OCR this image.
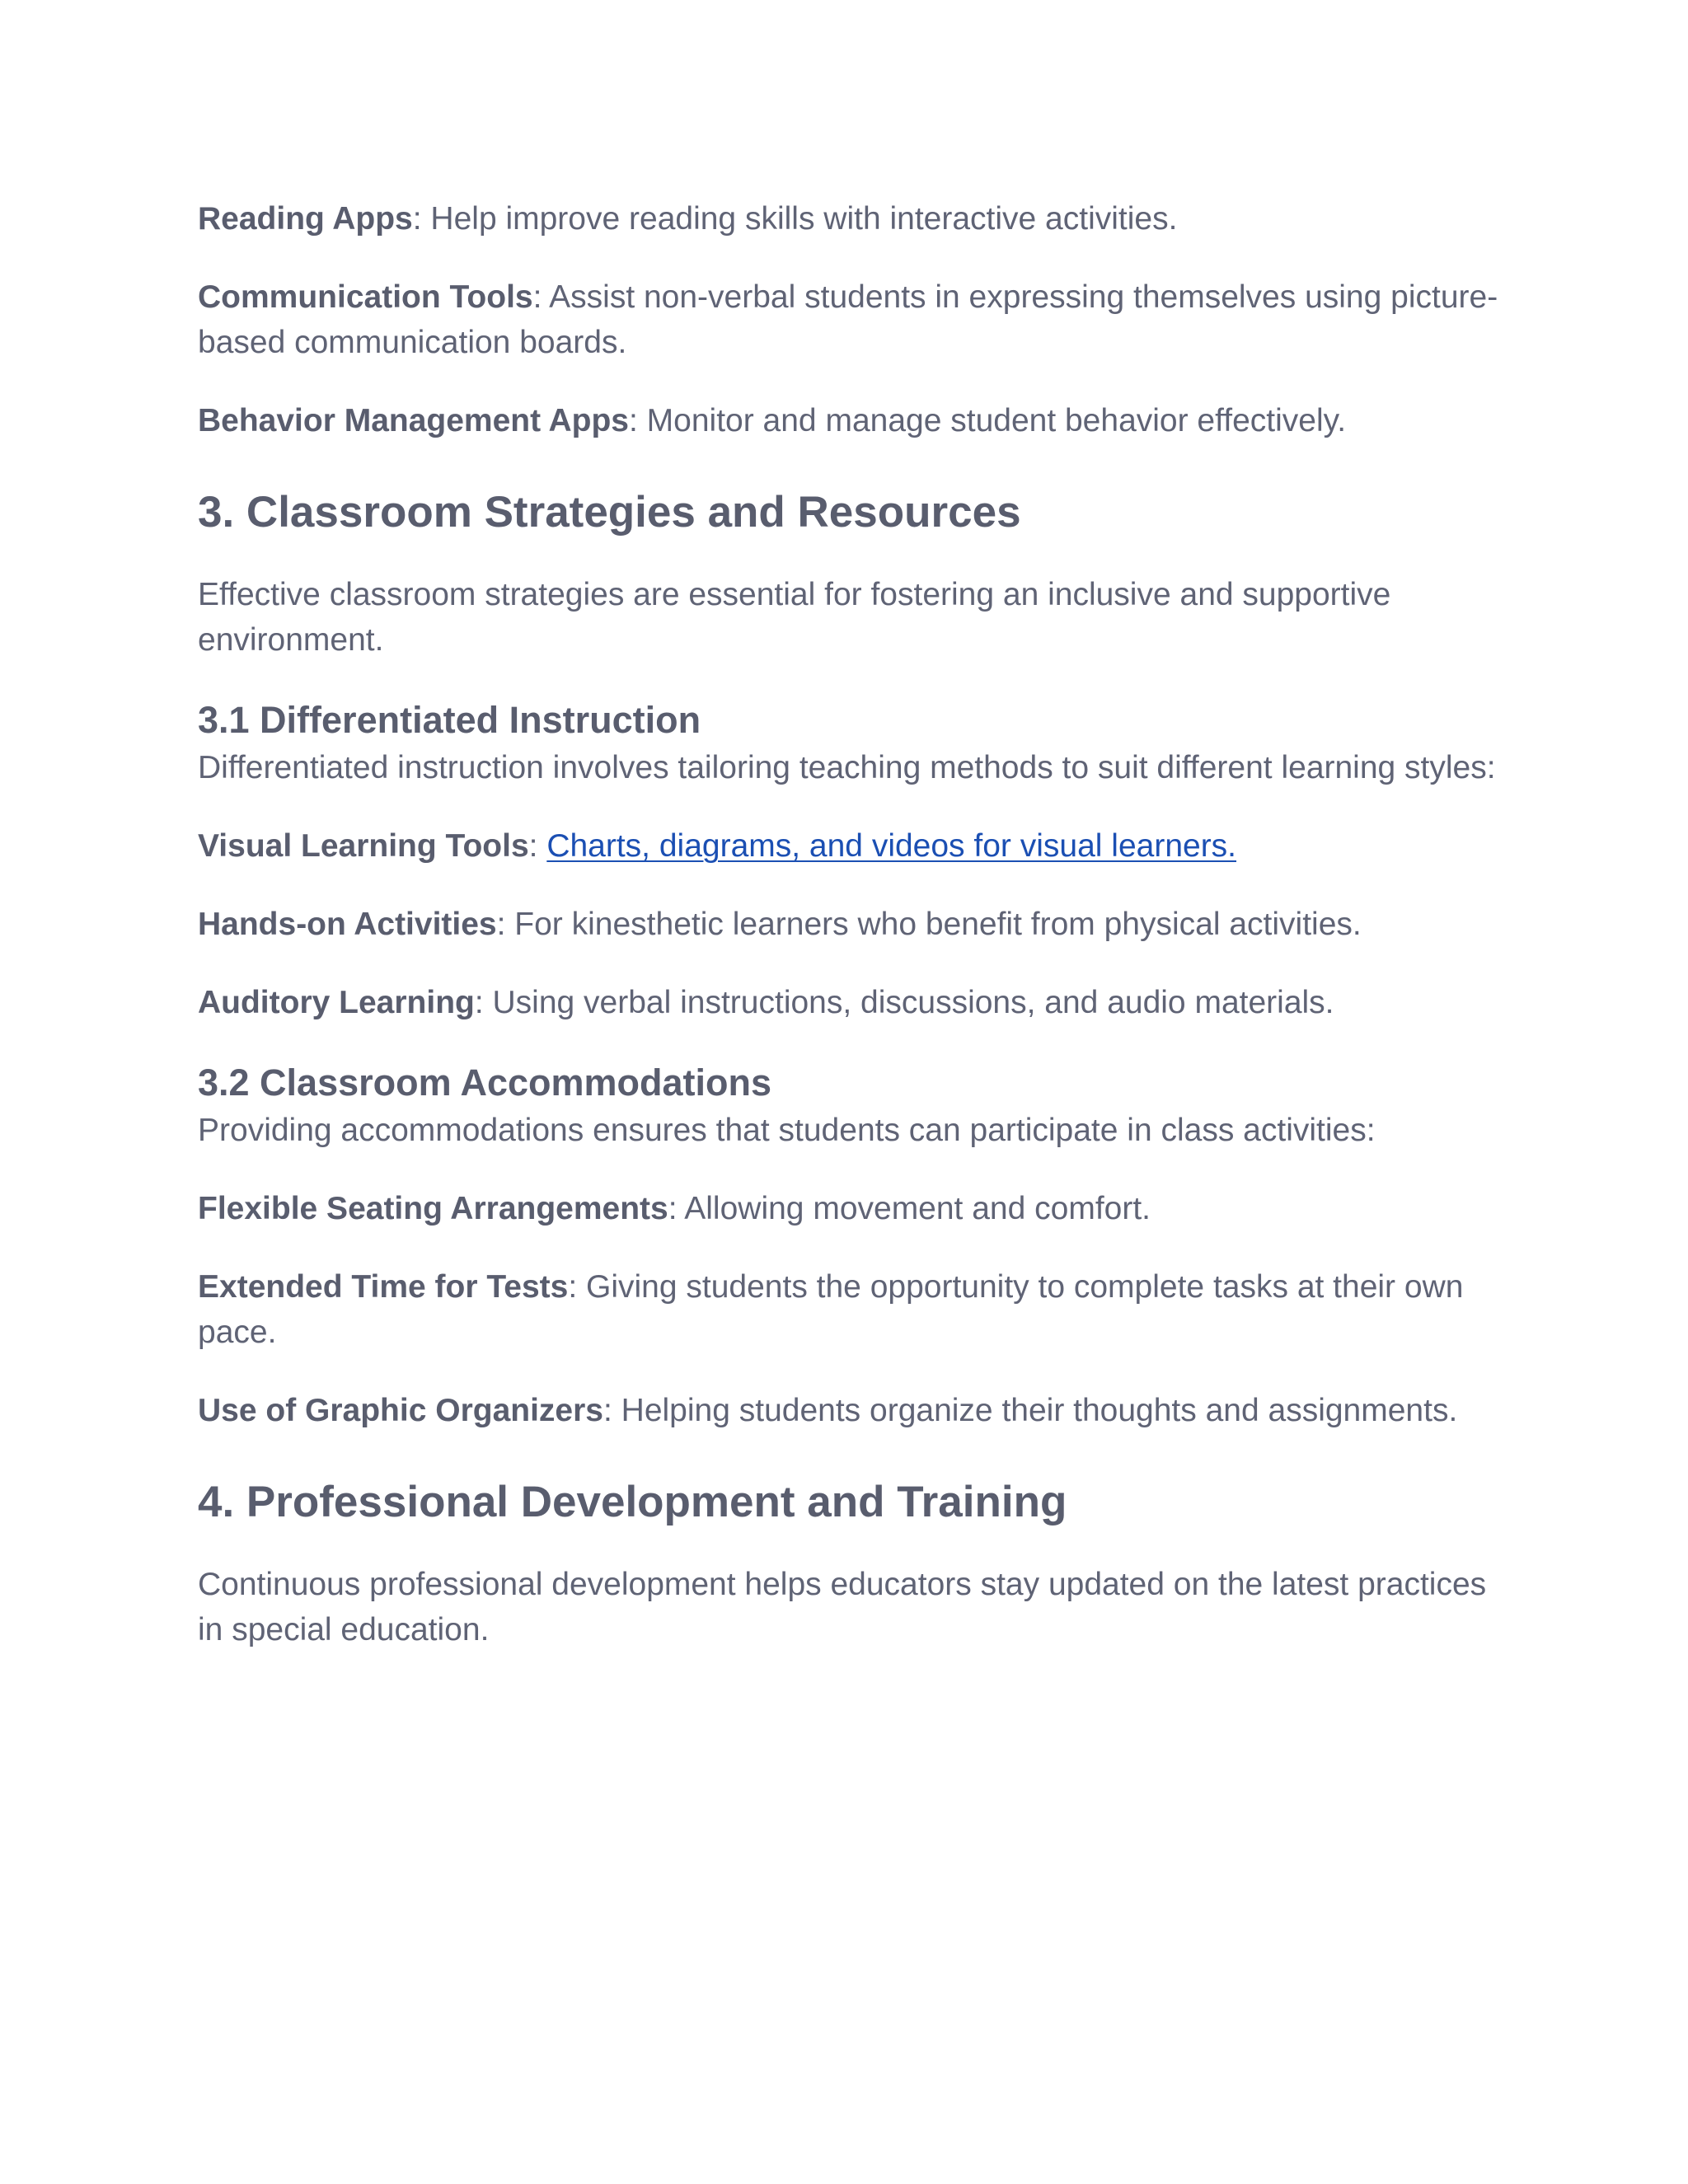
Reading Apps: Help improve reading skills with interactive activities.

Communication Tools: Assist non-verbal students in expressing themselves using picture-based communication boards.

Behavior Management Apps: Monitor and manage student behavior effectively.

3. Classroom Strategies and Resources

Effective classroom strategies are essential for fostering an inclusive and supportive environment.

3.1 Differentiated Instruction

Differentiated instruction involves tailoring teaching methods to suit different learning styles:

Visual Learning Tools: Charts, diagrams, and videos for visual learners.

Hands-on Activities: For kinesthetic learners who benefit from physical activities.

Auditory Learning: Using verbal instructions, discussions, and audio materials.

3.2 Classroom Accommodations

Providing accommodations ensures that students can participate in class activities:

Flexible Seating Arrangements: Allowing movement and comfort.

Extended Time for Tests: Giving students the opportunity to complete tasks at their own pace.

Use of Graphic Organizers: Helping students organize their thoughts and assignments.

4. Professional Development and Training

Continuous professional development helps educators stay updated on the latest practices in special education.
